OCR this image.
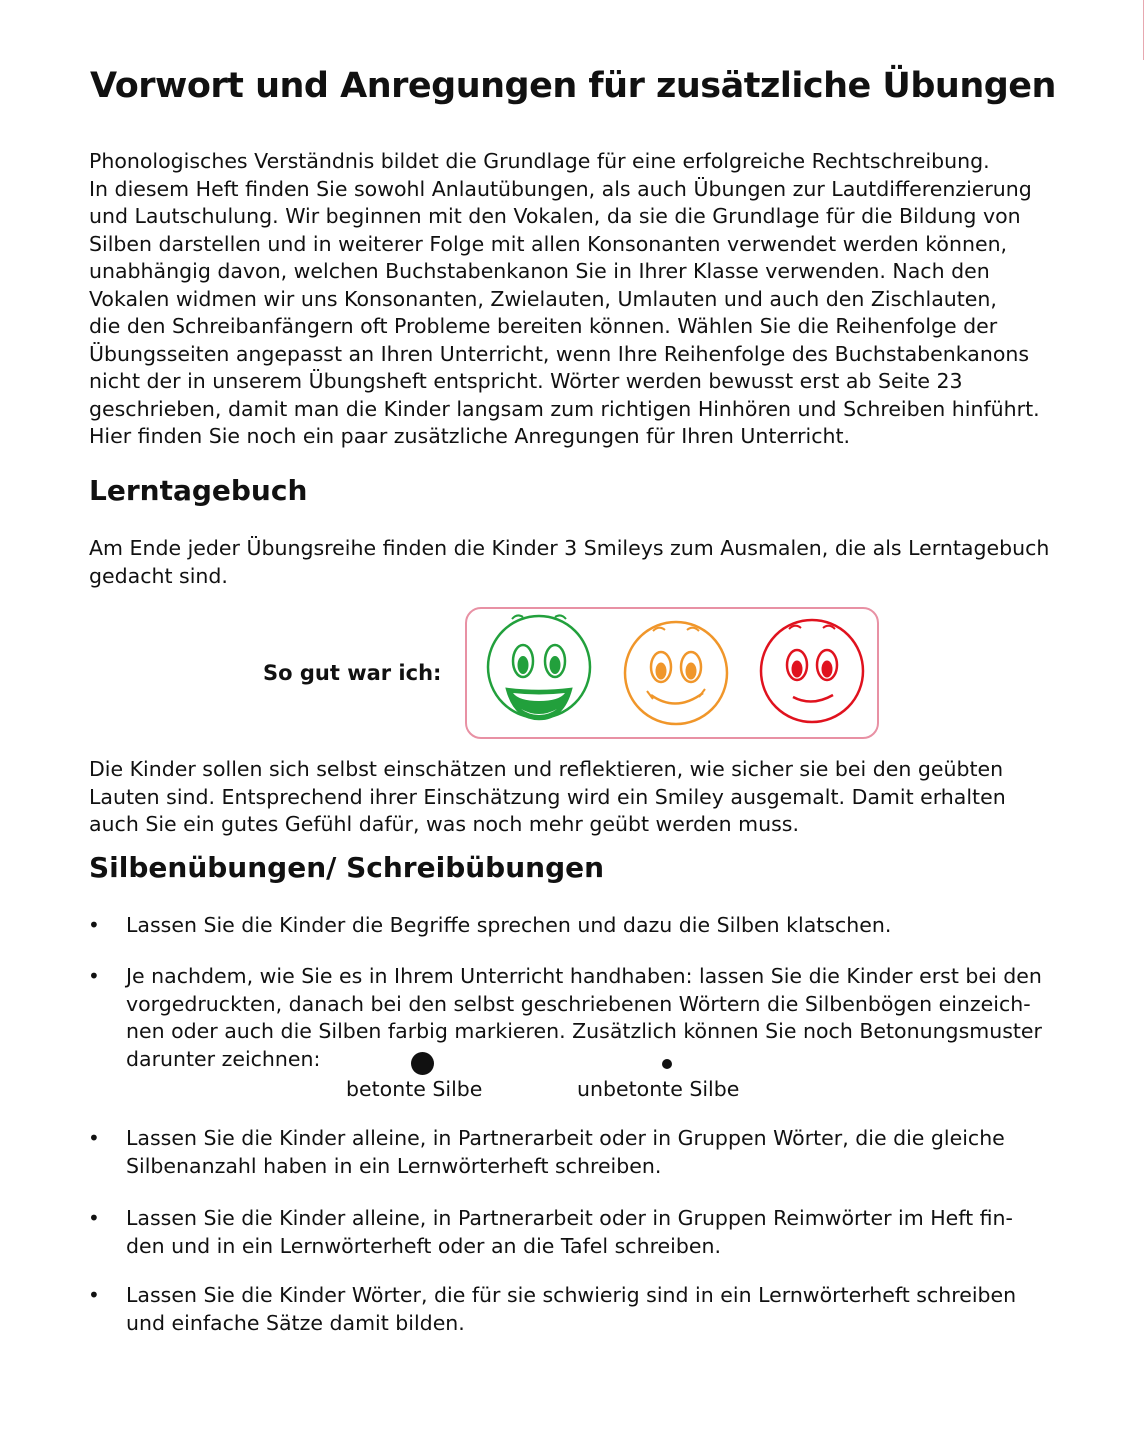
Vorwort und Anregungen für zusätzliche Übungen

Phonologisches Verständnis bildet die Grundlage für eine erfolgreiche Rechtschreibung.
In diesem Heft finden Sie sowohl Anlautübungen, als auch Übungen zur Lautdifferenzierung
und Lautschulung. Wir beginnen mit den Vokalen, da sie die Grundlage für die Bildung von
Silben darstellen und in weiterer Folge mit allen Konsonanten verwendet werden können,
unabhängig davon, welchen Buchstabenkanon Sie in Ihrer Klasse verwenden. Nach den
Vokalen widmen wir uns Konsonanten, Zwielauten, Umlauten und auch den Zischlauten,
die den Schreibanfängern oft Probleme bereiten können. Wählen Sie die Reihenfolge der
Übungsseiten angepasst an Ihren Unterricht, wenn Ihre Reihenfolge des Buchstabenkanons
nicht der in unserem Übungsheft entspricht. Wörter werden bewusst erst ab Seite 23
geschrieben, damit man die Kinder langsam zum richtigen Hinhören und Schreiben hinführt.
Hier finden Sie noch ein paar zusätzliche Anregungen für Ihren Unterricht.

Lerntagebuch

Am Ende jeder Übungsreihe finden die Kinder 3 Smileys zum Ausmalen, die als Lerntagebuch
gedacht sind.

So gut war ich:

Die Kinder sollen sich selbst einschätzen und reflektieren, wie sicher sie bei den geübten
Lauten sind. Entsprechend ihrer Einschätzung wird ein Smiley ausgemalt. Damit erhalten
auch Sie ein gutes Gefühl dafür, was noch mehr geübt werden muss.

Silbenübungen/ Schreibübungen
• Lassen Sie die Kinder die Begriffe sprechen und dazu die Silben klatschen.

• Je nachdem, wie Sie es in Ihrem Unterricht handhaben: lassen Sie die Kinder erst bei den
vorgedruckten, danach bei den selbst geschriebenen Wörtern die Silbenbögen einzeich-
nen oder auch die Silben farbig markieren. Zusätzlich können Sie noch Betonungsmuster
darunter zeichnen:

betonte Silbe	unbetonte Silbe
• Lassen Sie die Kinder alleine, in Partnerarbeit oder in Gruppen Wörter, die die gleiche
Silbenanzahl haben in ein Lernwörterheft schreiben.

• Lassen Sie die Kinder alleine, in Partnerarbeit oder in Gruppen Reimwörter im Heft fin-
den und in ein Lernwörterheft oder an die Tafel schreiben.

• Lassen Sie die Kinder Wörter, die für sie schwierig sind in ein Lernwörterheft schreiben
und einfache Sätze damit bilden.
